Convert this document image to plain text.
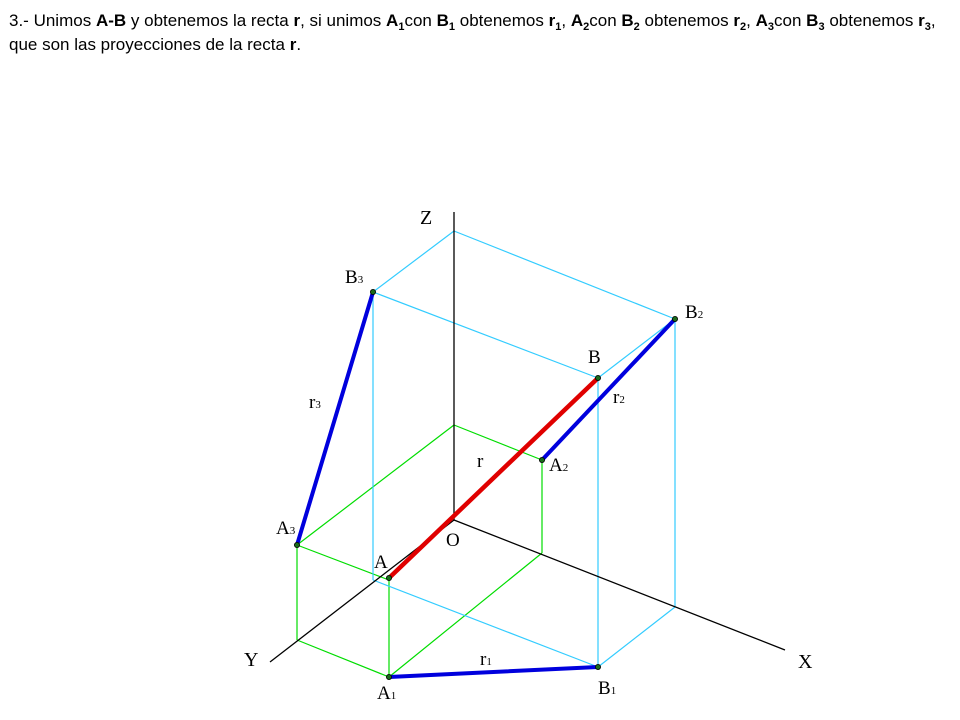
3.- Unimos A-B y obtenemos la recta r, si unimos $A_1con$ $B_1$ obtenemos $r_1$, $A_2con$ $B_2$ obtenemos $r_2$, $A_3con$ $B_3$ obtenemos $r_3$, que son las proyecciones de la recta r.
Z
X
Y
O
A
B
A1	B1
A2
B2
A3
B3
r
r1
r2
r3
